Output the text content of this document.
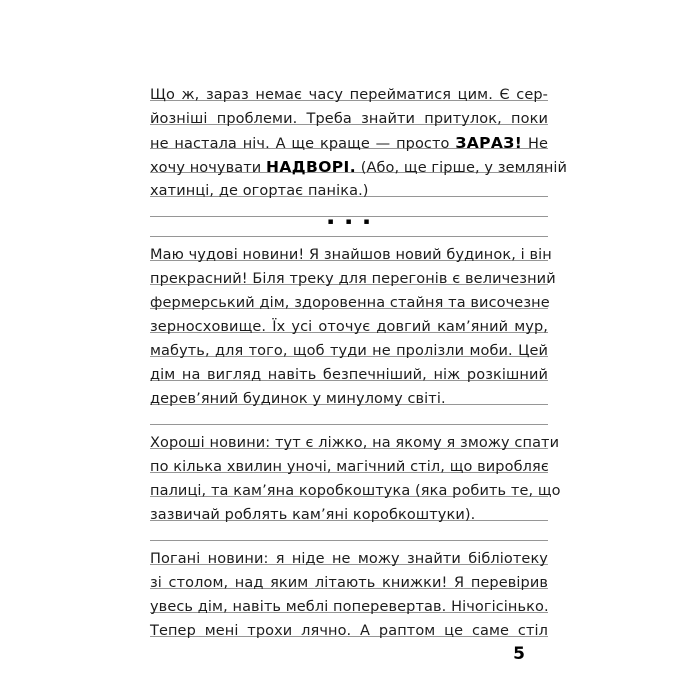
Що ж, зараз немає часу перейматися цим. Є сер-
йозніші проблеми. Треба знайти притулок, поки
не настала ніч. А ще краще — просто ЗАРАЗ! Не
хочу ночувати НАДВОРІ. (Або, ще гірше, у земляній
хатинці, де огортає паніка.)
▪ ▪ ▪
Маю чудові новини! Я знайшов новий будинок, і він
прекрасний! Біля треку для перегонів є величезний
фермерський дім, здоровенна стайня та височезне
зерносховище. Їх усі оточує довгий кам’яний мур,
мабуть, для того, щоб туди не пролізли моби. Цей
дім на вигляд навіть безпечніший, ніж розкішний
дерев’яний будинок у минулому світі.
Хороші новини: тут є ліжко, на якому я зможу спати
по кілька хвилин уночі, магічний стіл, що виробляє
палиці, та кам’яна коробкоштука (яка робить те, що
зазвичай роблять кам’яні коробкоштуки).
Погані новини: я ніде не можу знайти бібліотеку
зі столом, над яким літають книжки! Я перевірив
увесь дім, навіть меблі поперевертав. Нічогісінько.
Тепер мені трохи лячно. А раптом це саме стіл
5
